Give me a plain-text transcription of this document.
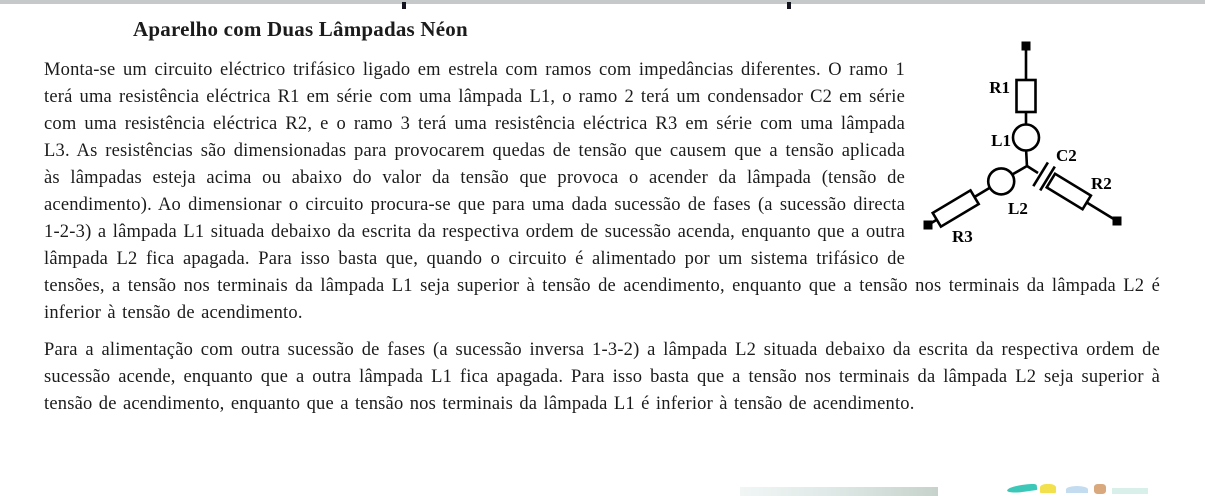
Aparelho com Duas Lâmpadas Néon

Monta-se um circuito eléctrico trifásico ligado em estrela com ramos com impedâncias diferentes. O ramo 1 terá uma resistência eléctrica R1 em série com uma lâmpada L1, o ramo 2 terá um condensador C2 em série com uma resistência eléctrica R2, e o ramo 3 terá uma resistência eléctrica R3 em série com uma lâmpada L3. As resistências são dimensionadas para provocarem quedas de tensão que causem que a tensão aplicada às lâmpadas esteja acima ou abaixo do valor da tensão que provoca o acender da lâmpada (tensão de acendimento). Ao dimensionar o circuito procura-se que para uma dada sucessão de fases (a sucessão directa 1-2-3) a lâmpada L1 situada debaixo da escrita da respectiva ordem de sucessão acenda, enquanto que a outra lâmpada L2 fica apagada. Para isso basta que, quando o circuito é alimentado por um sistema trifásico de tensões, a tensão nos terminais da lâmpada L1 seja superior à tensão de acendimento, enquanto que a tensão nos terminais da lâmpada L2 é inferior à tensão de acendimento.

Para a alimentação com outra sucessão de fases (a sucessão inversa 1-3-2) a lâmpada L2 situada debaixo da escrita da respectiva ordem de sucessão acende, enquanto que a outra lâmpada L1 fica apagada. Para isso basta que a tensão nos terminais da lâmpada L2 seja superior à tensão de acendimento, enquanto que a tensão nos terminais da lâmpada L1 é inferior à tensão de acendimento.

R1
L1
C2
R2
L2
R3
